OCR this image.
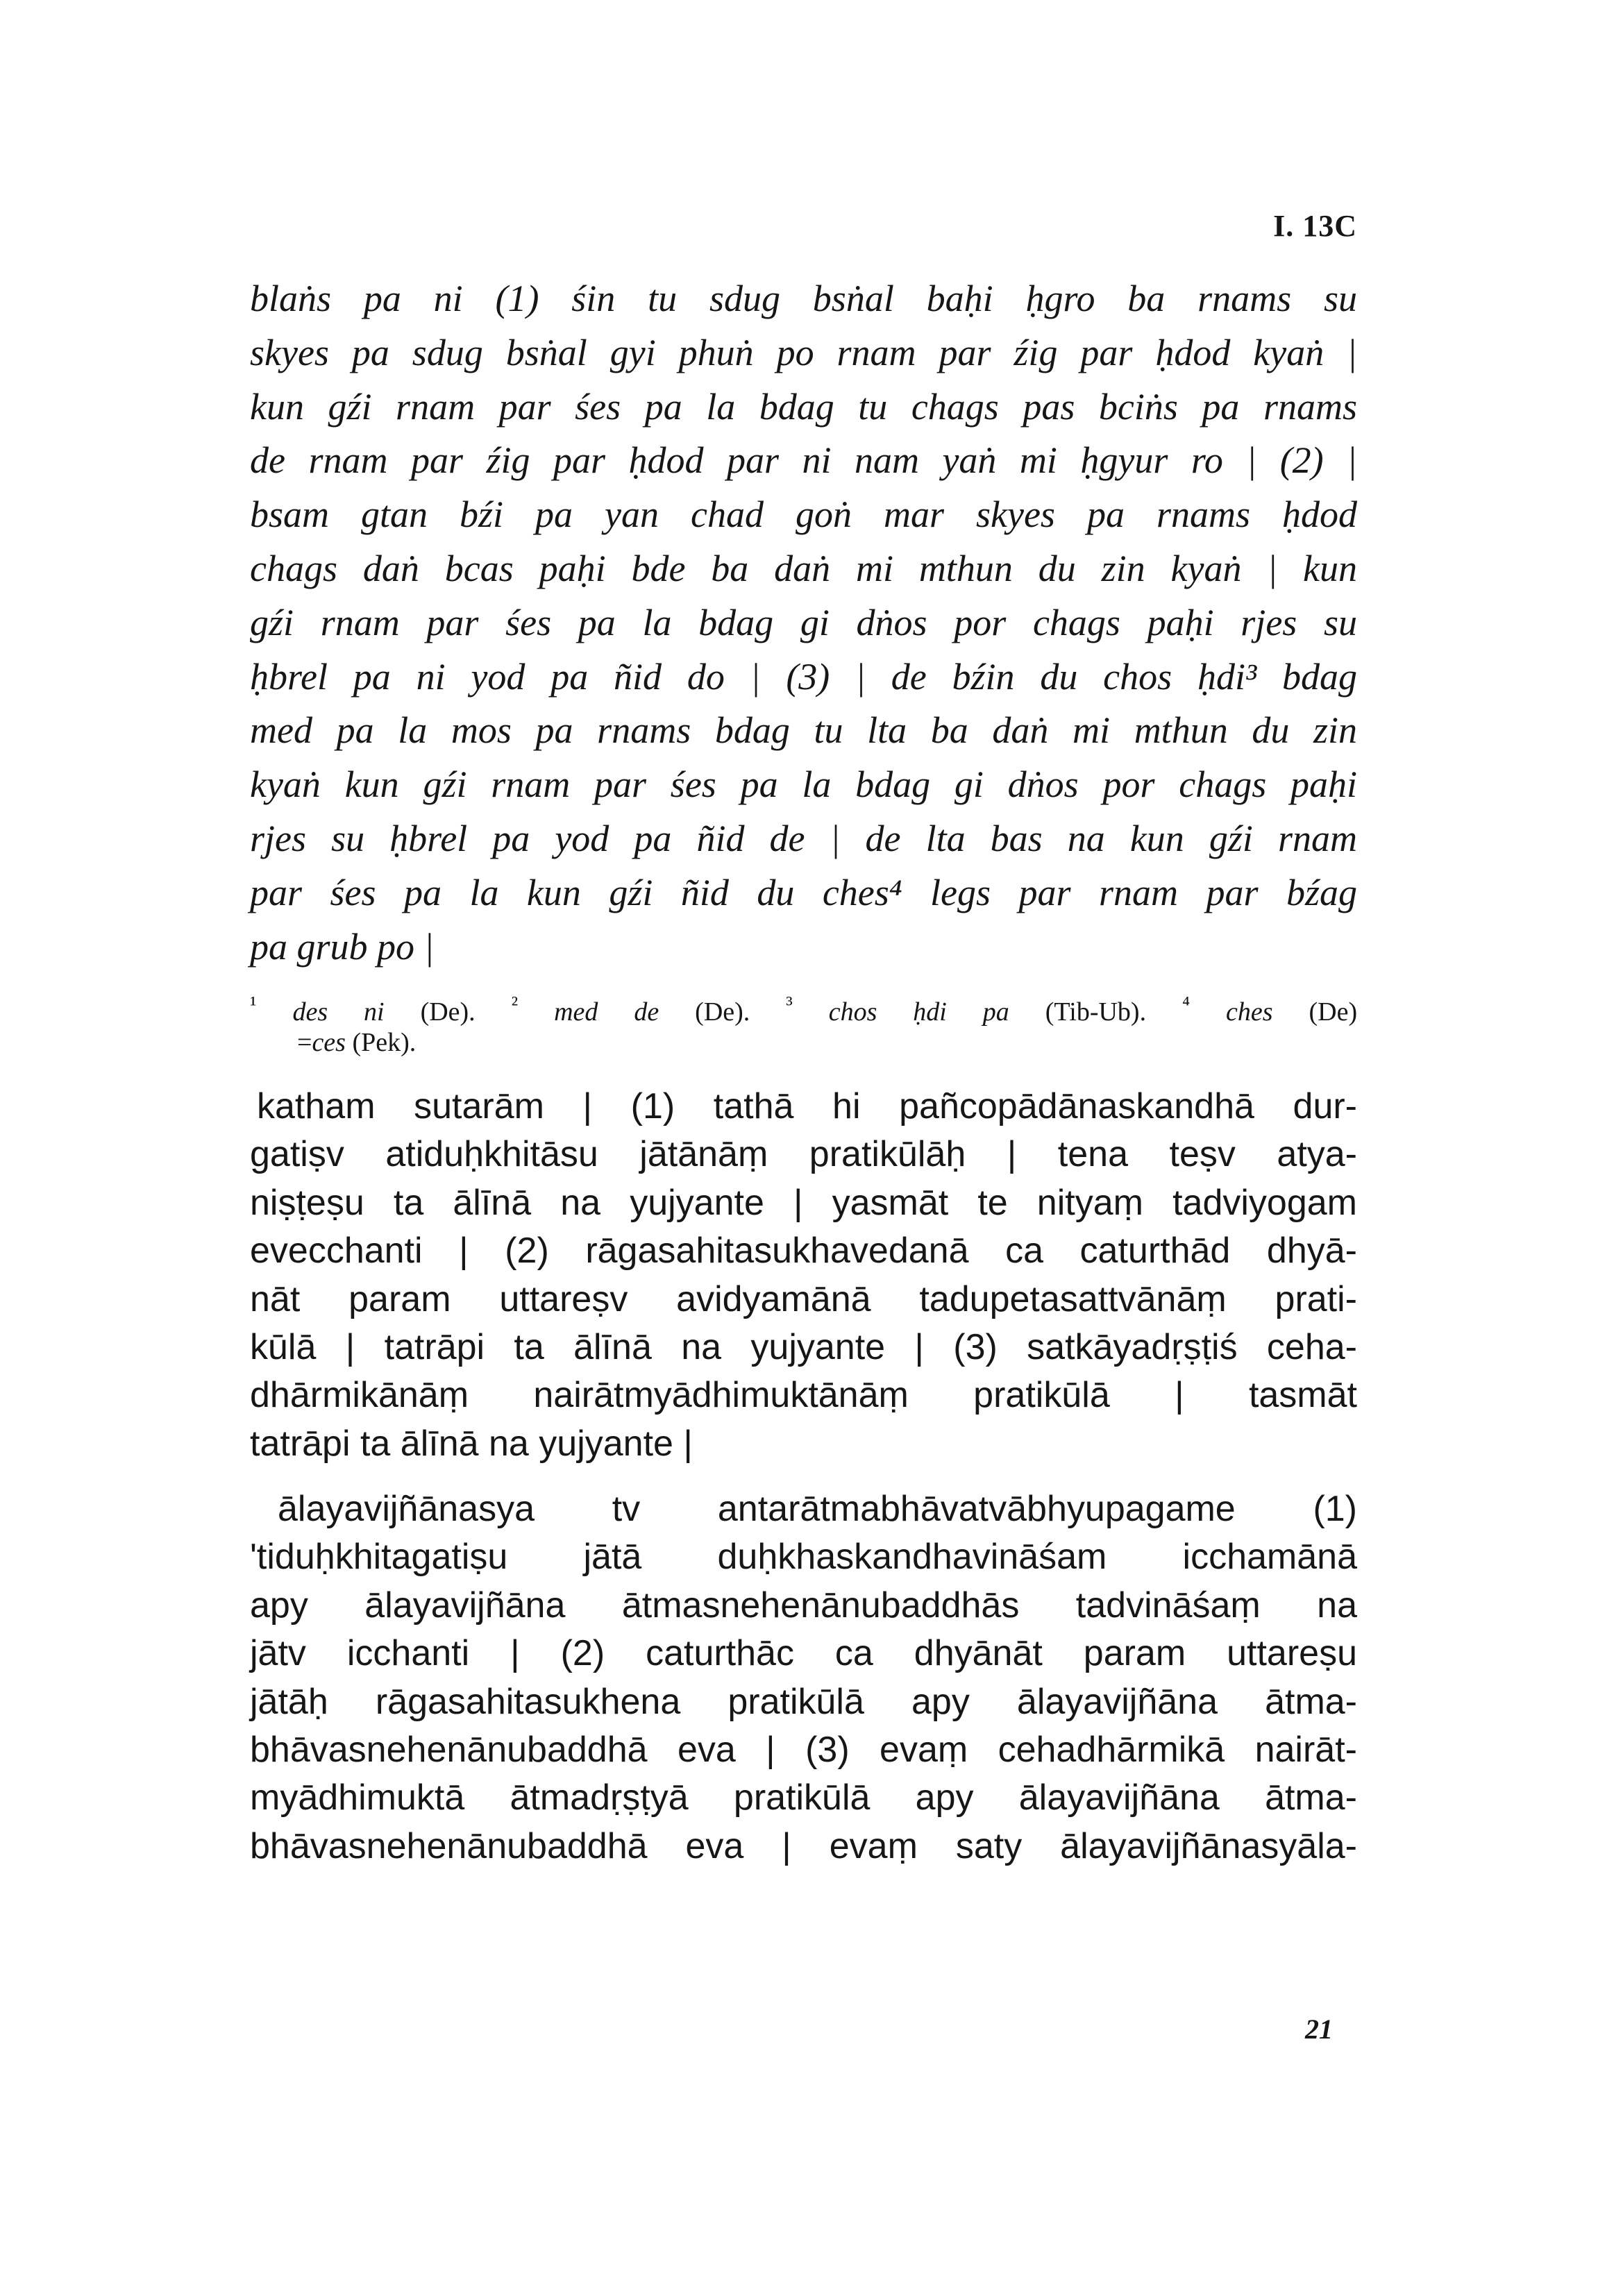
I. 13C
blaṅs pa ni (1) śin tu sdug bsṅal baḥi ḥgro ba rnams su
skyes pa sdug bsṅal gyi phuṅ po rnam par źig par ḥdod kyaṅ |
kun gźi rnam par śes pa la bdag tu chags pas bciṅs pa rnams
de rnam par źig par ḥdod par ni nam yaṅ mi ḥgyur ro | (2) |
bsam gtan bźi pa yan chad goṅ mar skyes pa rnams ḥdod
chags daṅ bcas paḥi bde ba daṅ mi mthun du zin kyaṅ | kun
gźi rnam par śes pa la bdag gi dṅos por chags paḥi rjes su
ḥbrel pa ni yod pa ñid do | (3) | de bźin du chos ḥdi³ bdag
med pa la mos pa rnams bdag tu lta ba daṅ mi mthun du zin
kyaṅ kun gźi rnam par śes pa la bdag gi dṅos por chags paḥi
rjes su ḥbrel pa yod pa ñid de | de lta bas na kun gźi rnam
par śes pa la kun gźi ñid du ches⁴ legs par rnam par bźag
pa grub po |
$^{^1}$ des ni (De). $^{^2}$ med de (De). $^{^3}$ chos ḥdi pa (Tib-Ub). $^{^4}$ ches (De)
=ces (Pek).
katham sutarām | (1) tathā hi pañcopādānaskandhā dur-
gatiṣv atiduḥkhitāsu jātānāṃ pratikūlāḥ | tena teṣv atya-
niṣṭeṣu ta ālīnā na yujyante | yasmāt te nityaṃ tadviyogam
evecchanti | (2) rāgasahitasukhavedanā ca caturthād dhyā-
nāt param uttareṣv avidyamānā tadupetasattvānāṃ prati-
kūlā | tatrāpi ta ālīnā na yujyante | (3) satkāyadṛṣṭiś ceha-
dhārmikānāṃ nairātmyādhimuktānāṃ pratikūlā | tasmāt
tatrāpi ta ālīnā na yujyante |
ālayavijñānasya tv antarātmabhāvatvābhyupagame (1)
'tiduḥkhitagatiṣu jātā duḥkhaskandhavināśam icchamānā
apy ālayavijñāna ātmasnehenānubaddhās tadvināśaṃ na
jātv icchanti | (2) caturthāc ca dhyānāt param uttareṣu
jātāḥ rāgasahitasukhena pratikūlā apy ālayavijñāna ātma-
bhāvasnehenānubaddhā eva | (3) evaṃ cehadhārmikā nairāt-
myādhimuktā ātmadṛṣṭyā pratikūlā apy ālayavijñāna ātma-
bhāvasnehenānubaddhā eva | evaṃ saty ālayavijñānasyāla-
21
